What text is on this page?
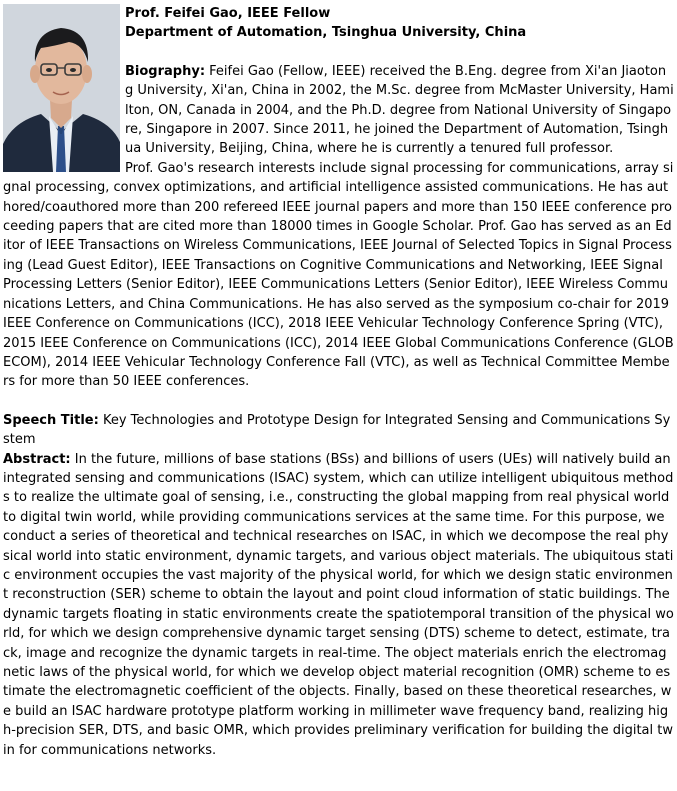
Prof. Feifei Gao, IEEE Fellow

Department of Automation, Tsinghua University, China

Biography: Feifei Gao (Fellow, IEEE) received the B.Eng. degree from Xi'an Jiaotong University, Xi'an, China in 2002, the M.Sc. degree from McMaster University, Hamilton, ON, Canada in 2004, and the Ph.D. degree from National University of Singapore, Singapore in 2007. Since 2011, he joined the Department of Automation, Tsinghua University, Beijing, China, where he is currently a tenured full professor.

Prof. Gao's research interests include signal processing for communications, array signal processing, convex optimizations, and artificial intelligence assisted communications. He has authored/coauthored more than 200 refereed IEEE journal papers and more than 150 IEEE conference proceeding papers that are cited more than 18000 times in Google Scholar. Prof. Gao has served as an Editor of IEEE Transactions on Wireless Communications, IEEE Journal of Selected Topics in Signal Processing (Lead Guest Editor), IEEE Transactions on Cognitive Communications and Networking, IEEE Signal Processing Letters (Senior Editor), IEEE Communications Letters (Senior Editor), IEEE Wireless Communications Letters, and China Communications. He has also served as the symposium co-chair for 2019 IEEE Conference on Communications (ICC), 2018 IEEE Vehicular Technology Conference Spring (VTC), 2015 IEEE Conference on Communications (ICC), 2014 IEEE Global Communications Conference (GLOBECOM), 2014 IEEE Vehicular Technology Conference Fall (VTC), as well as Technical Committee Members for more than 50 IEEE conferences.

Speech Title: Key Technologies and Prototype Design for Integrated Sensing and Communications System

Abstract: In the future, millions of base stations (BSs) and billions of users (UEs) will natively build an integrated sensing and communications (ISAC) system, which can utilize intelligent ubiquitous methods to realize the ultimate goal of sensing, i.e., constructing the global mapping from real physical world to digital twin world, while providing communications services at the same time. For this purpose, we conduct a series of theoretical and technical researches on ISAC, in which we decompose the real physical world into static environment, dynamic targets, and various object materials. The ubiquitous static environment occupies the vast majority of the physical world, for which we design static environment reconstruction (SER) scheme to obtain the layout and point cloud information of static buildings. The dynamic targets floating in static environments create the spatiotemporal transition of the physical world, for which we design comprehensive dynamic target sensing (DTS) scheme to detect, estimate, track, image and recognize the dynamic targets in real-time. The object materials enrich the electromagnetic laws of the physical world, for which we develop object material recognition (OMR) scheme to estimate the electromagnetic coefficient of the objects. Finally, based on these theoretical researches, we build an ISAC hardware prototype platform working in millimeter wave frequency band, realizing high-precision SER, DTS, and basic OMR, which provides preliminary verification for building the digital twin for communications networks.
